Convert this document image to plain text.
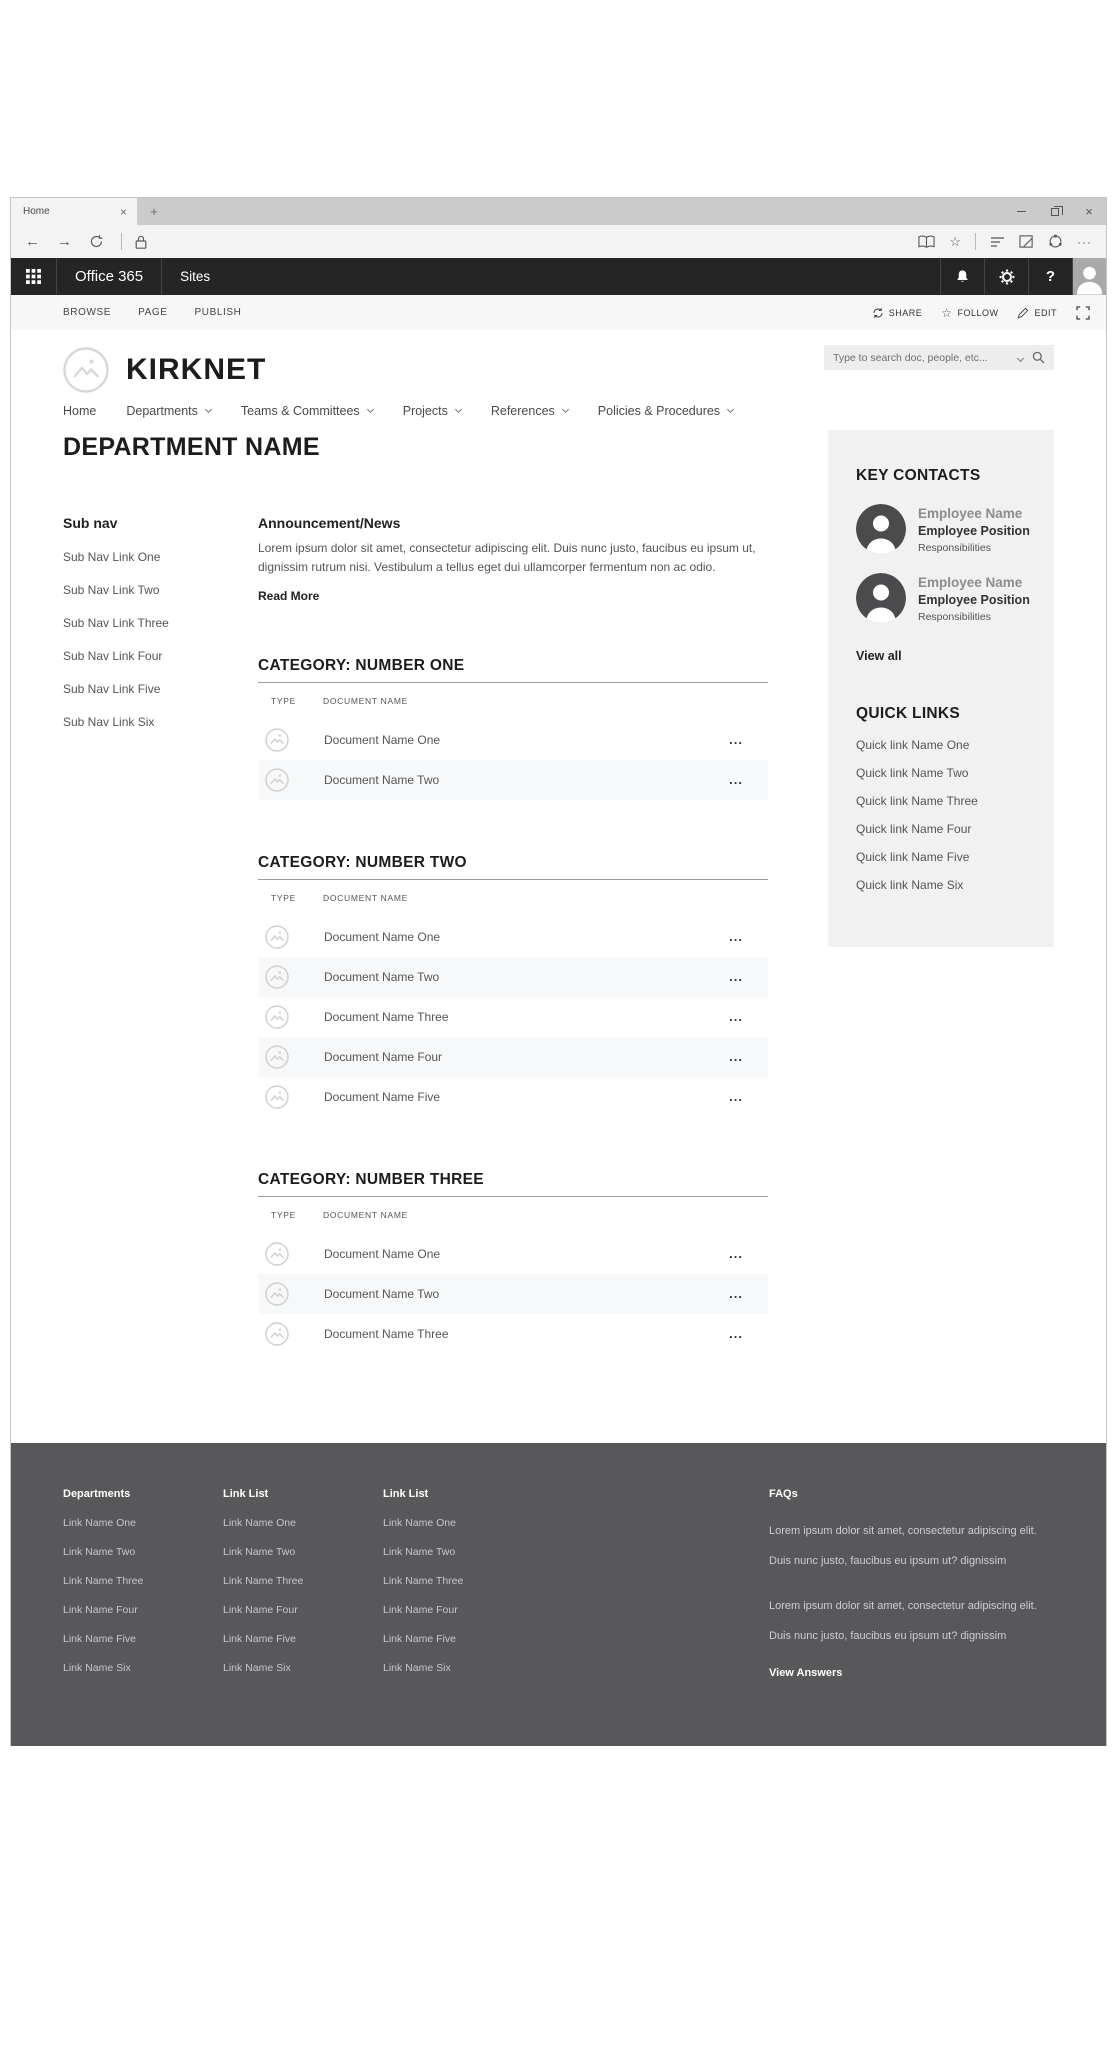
Home	×	+	×
← →	☆	···
Office 365	Sites	?
BROWSE	PAGE	PUBLISH	SHARE ☆ FOLLOW	EDIT
KIRKNET
Type to search doc, people, etc...
Home Departments	Teams & Committees	Projects	References	Policies & Procedures
DEPARTMENT NAME
Sub nav
Sub Nav Link One
Sub Nav Link Two
Sub Nav Link Three
Sub Nav Link Four
Sub Nav Link Five
Sub Nav Link Six
Announcement/News
Lorem ipsum dolor sit amet, consectetur adipiscing elit. Duis nunc justo, faucibus eu ipsum ut, dignissim rutrum nisi. Vestibulum a tellus eget dui ullamcorper fermentum non ac odio.
Read More
CATEGORY: NUMBER ONE
TYPE	DOCUMENT NAME
Document Name One	...
Document Name Two	...
CATEGORY: NUMBER TWO
TYPE	DOCUMENT NAME
Document Name One	...
Document Name Two	...
Document Name Three	...
Document Name Four	...
Document Name Five	...
CATEGORY: NUMBER THREE
TYPE	DOCUMENT NAME
Document Name One	...
Document Name Two	...
Document Name Three	...
KEY CONTACTS
Employee Name
Employee Position
Responsibilities
Employee Name
Employee Position
Responsibilities
View all
QUICK LINKS
Quick link Name One
Quick link Name Two
Quick link Name Three
Quick link Name Four
Quick link Name Five
Quick link Name Six
Departments
Link Name One
Link Name Two
Link Name Three
Link Name Four
Link Name Five
Link Name Six
Link List
Link Name One
Link Name Two
Link Name Three
Link Name Four
Link Name Five
Link Name Six
Link List
Link Name One
Link Name Two
Link Name Three
Link Name Four
Link Name Five
Link Name Six
FAQs
Lorem ipsum dolor sit amet, consectetur adipiscing elit. Duis nunc justo, faucibus eu ipsum ut? dignissim
Lorem ipsum dolor sit amet, consectetur adipiscing elit. Duis nunc justo, faucibus eu ipsum ut? dignissim
View Answers
